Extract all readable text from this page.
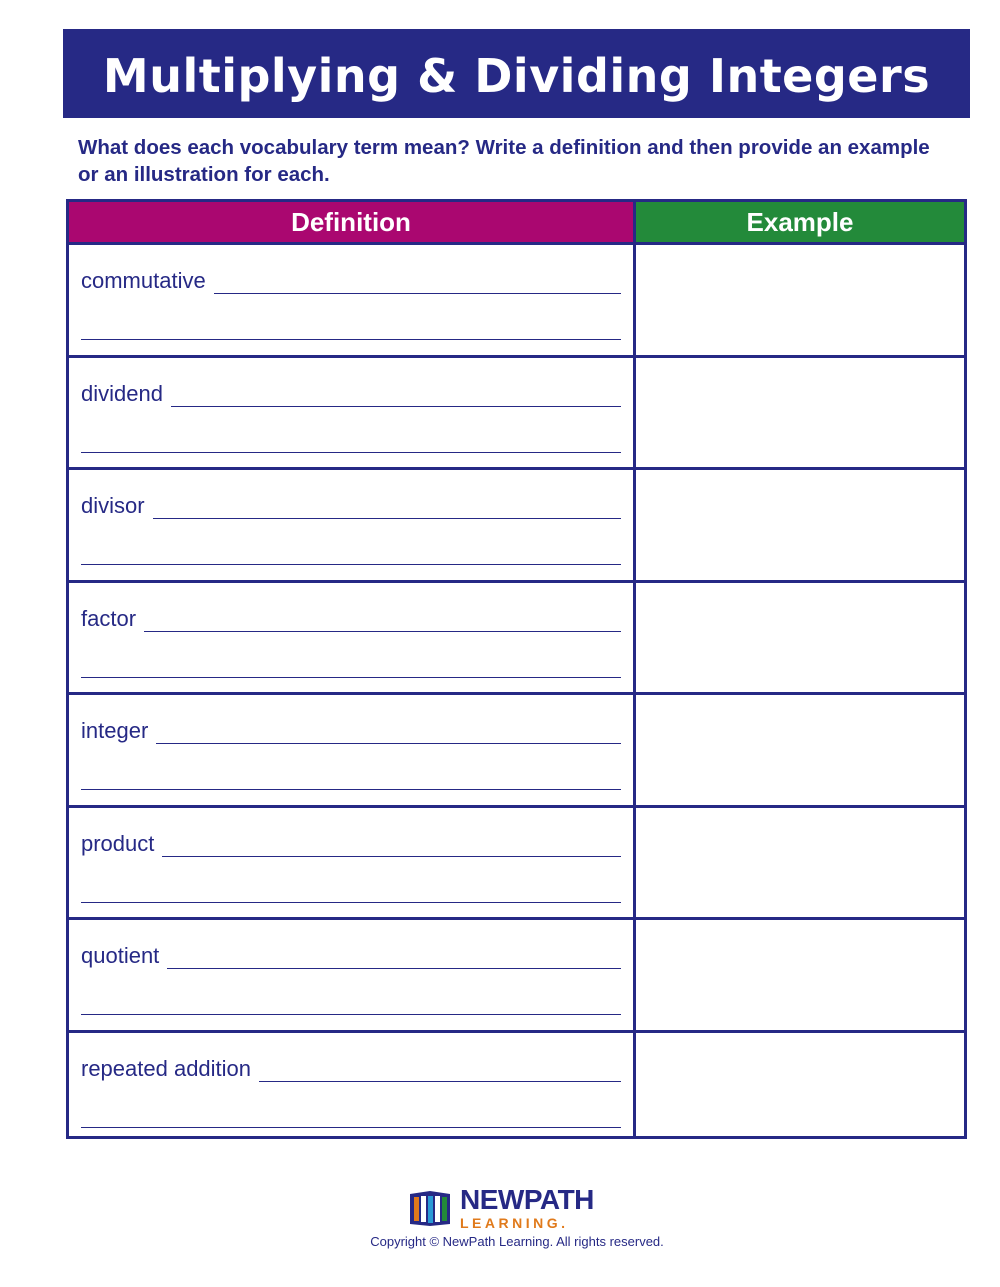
Multiplying & Dividing Integers
What does each vocabulary term mean? Write a definition and then provide an example or an illustration for each.
Definition	Example
commutative
dividend
divisor
factor
integer
product
quotient
repeated addition
NEWPATH
LEARNING.
Copyright © NewPath Learning. All rights reserved.
